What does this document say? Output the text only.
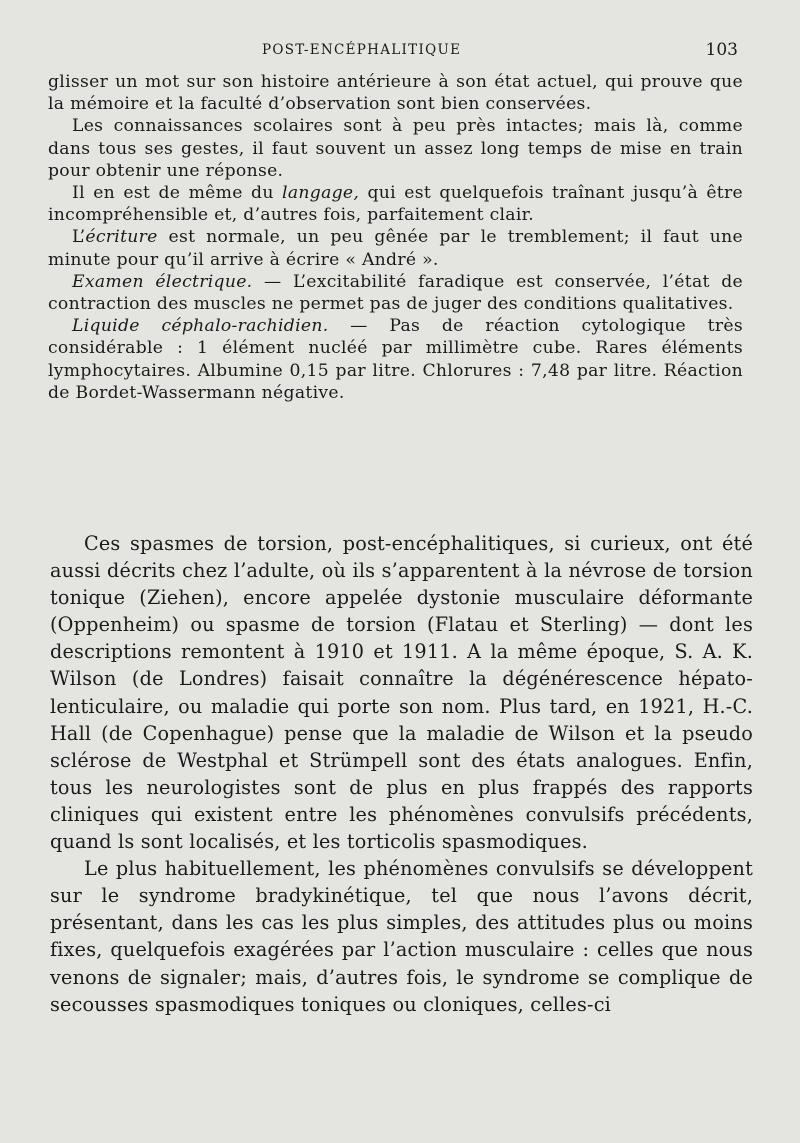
POST-ENCÉPHALITIQUE	103

glisser un mot sur son histoire antérieure à son état actuel, qui prouve que la mémoire et la faculté d’observation sont bien conservées.

Les connaissances scolaires sont à peu près intactes; mais là, comme dans tous ses gestes, il faut souvent un assez long temps de mise en train pour obtenir une réponse.

Il en est de même du langage, qui est quelquefois traînant jusqu’à être incompréhensible et, d’autres fois, parfaitement clair.

L’écriture est normale, un peu gênée par le tremblement; il faut une minute pour qu’il arrive à écrire « André ».

Examen électrique. — L’excitabilité faradique est conservée, l’état de contraction des muscles ne permet pas de juger des conditions qualitatives.

Liquide céphalo-rachidien. — Pas de réaction cytologique très considérable : 1 élément nucléé par millimètre cube. Rares éléments lymphocytaires. Albumine 0,15 par litre. Chlorures : 7,48 par litre. Réaction de Bordet-Wassermann négative.

Ces spasmes de torsion, post-encéphalitiques, si curieux, ont été aussi décrits chez l’adulte, où ils s’apparentent à la névrose de torsion tonique (Ziehen), encore appelée dystonie musculaire déformante (Oppenheim) ou spasme de torsion (Flatau et Sterling) — dont les descriptions remontent à 1910 et 1911. A la même époque, S. A. K. Wilson (de Londres) faisait connaître la dégénérescence hépato-lenticulaire, ou maladie qui porte son nom. Plus tard, en 1921, H.-C. Hall (de Copenhague) pense que la maladie de Wilson et la pseudo sclérose de Westphal et Strümpell sont des états analogues. Enfin, tous les neurologistes sont de plus en plus frappés des rapports cliniques qui existent entre les phénomènes convulsifs précédents, quand ls sont localisés, et les torticolis spasmodiques.

Le plus habituellement, les phénomènes convulsifs se développent sur le syndrome bradykinétique, tel que nous l’avons décrit, présentant, dans les cas les plus simples, des attitudes plus ou moins fixes, quelquefois exagérées par l’action musculaire : celles que nous venons de signaler; mais, d’autres fois, le syndrome se complique de secousses spasmodiques toniques ou cloniques, celles-ci
